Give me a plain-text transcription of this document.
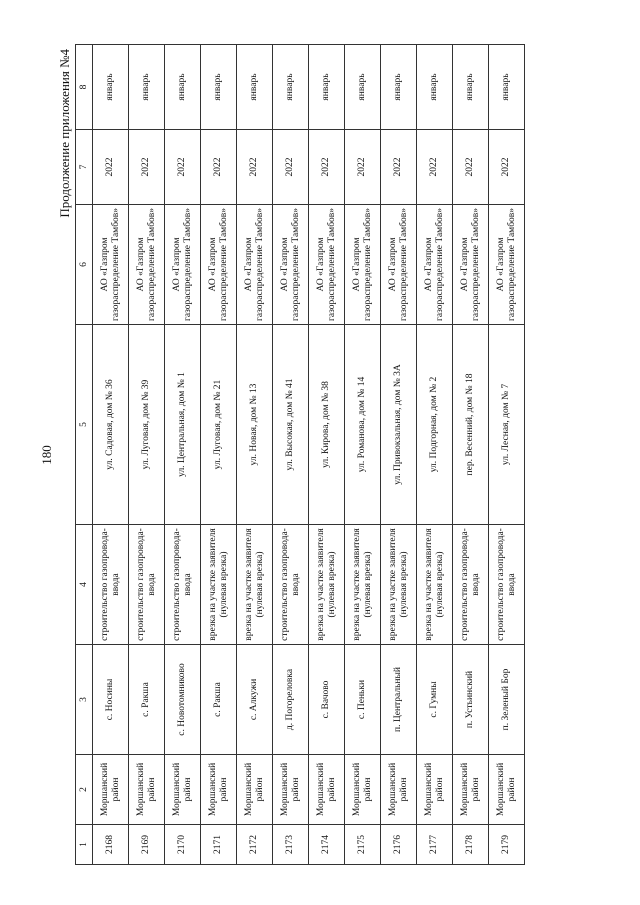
180
Продолжение приложения №4
1	2	3	4	5	6	7	8
2168	Моршанский район	с. Носины	строительство газопровода-ввода	ул. Садовая, дом № 36	АО «Газпром газораспределение Тамбов»	2022	январь
2169	Моршанский район	с. Ракша	строительство газопровода-ввода	ул. Луговая, дом № 39	АО «Газпром газораспределение Тамбов»	2022	январь
2170	Моршанский район	с. Новотомниково	строительство газопровода-ввода	ул. Центральная, дом № 1	АО «Газпром газораспределение Тамбов»	2022	январь
2171	Моршанский район	с. Ракша	врезка на участке заявителя (нулевая врезка)	ул. Луговая, дом № 21	АО «Газпром газораспределение Тамбов»	2022	январь
2172	Моршанский район	с. Алкужи	врезка на участке заявителя (нулевая врезка)	ул. Новая, дом № 13	АО «Газпром газораспределение Тамбов»	2022	январь
2173	Моршанский район	д. Погореловка	строительство газопровода-ввода	ул. Высокая, дом № 41	АО «Газпром газораспределение Тамбов»	2022	январь
2174	Моршанский район	с. Вачово	врезка на участке заявителя (нулевая врезка)	ул. Кирова, дом № 38	АО «Газпром газораспределение Тамбов»	2022	январь
2175	Моршанский район	с. Пеньки	врезка на участке заявителя (нулевая врезка)	ул. Романова, дом № 14	АО «Газпром газораспределение Тамбов»	2022	январь
2176	Моршанский район	п. Центральный	врезка на участке заявителя (нулевая врезка)	ул. Привокзальная, дом № 3А	АО «Газпром газораспределение Тамбов»	2022	январь
2177	Моршанский район	с. Гумны	врезка на участке заявителя (нулевая врезка)	ул. Подгорная, дом № 2	АО «Газпром газораспределение Тамбов»	2022	январь
2178	Моршанский район	п. Устьинский	строительство газопровода-ввода	пер. Весенний, дом № 18	АО «Газпром газораспределение Тамбов»	2022	январь
2179	Моршанский район	п. Зеленый Бор	строительство газопровода-ввода	ул. Лесная, дом № 7	АО «Газпром газораспределение Тамбов»	2022	январь
